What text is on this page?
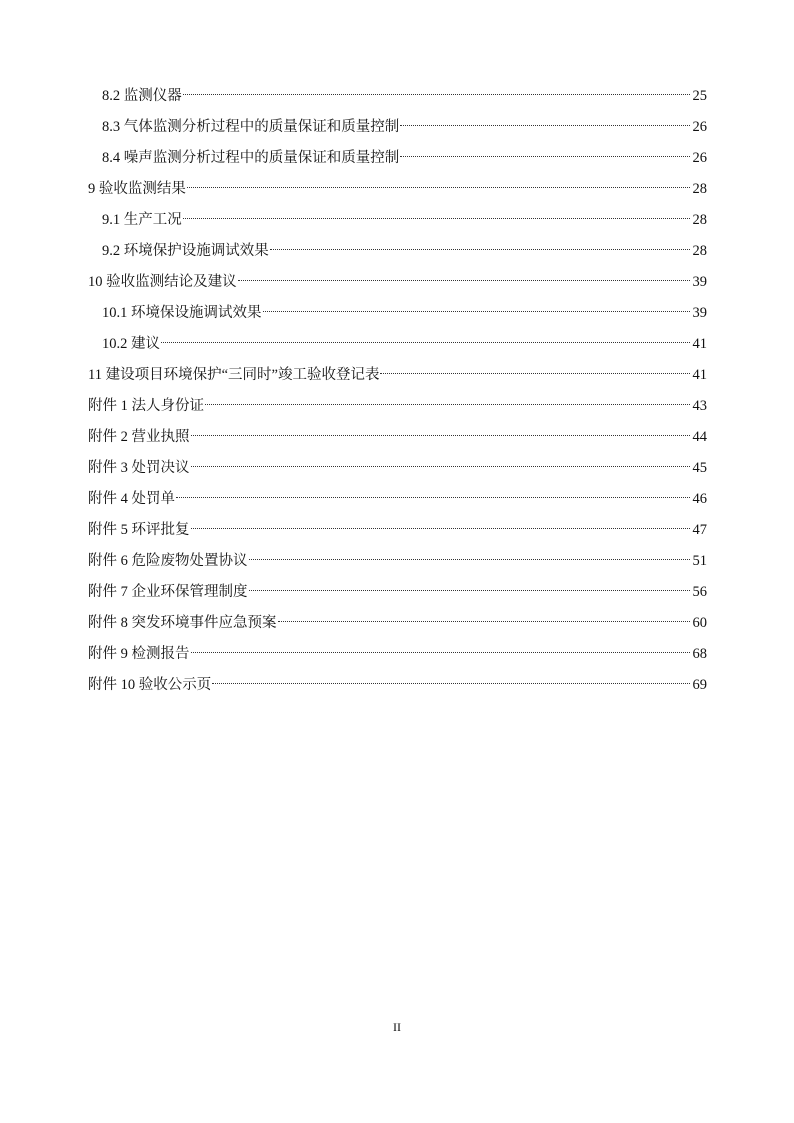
8.2 监测仪器	25
8.3 气体监测分析过程中的质量保证和质量控制	26
8.4 噪声监测分析过程中的质量保证和质量控制	26
9 验收监测结果	28
9.1 生产工况	28
9.2 环境保护设施调试效果	28
10 验收监测结论及建议	39
10.1 环境保设施调试效果	39
10.2 建议	41
11 建设项目环境保护“三同时”竣工验收登记表	41
附件 1 法人身份证	43
附件 2 营业执照	44
附件 3 处罚决议	45
附件 4 处罚单	46
附件 5 环评批复	47
附件 6 危险废物处置协议	51
附件 7 企业环保管理制度	56
附件 8 突发环境事件应急预案	60
附件 9 检测报告	68
附件 10 验收公示页	69
II
